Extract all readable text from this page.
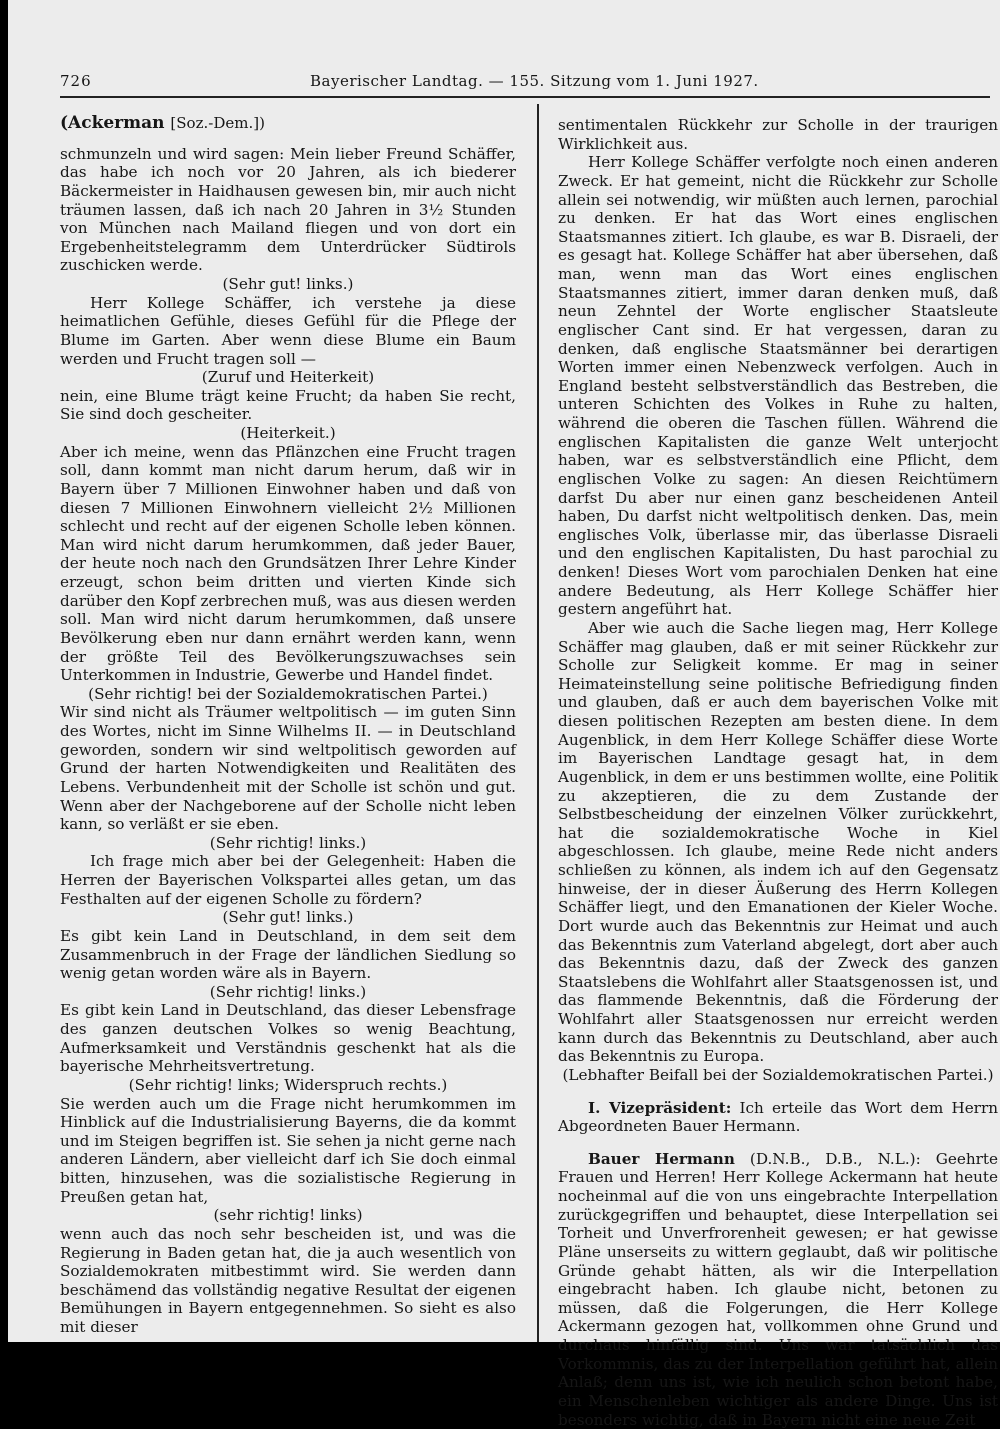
726	Bayerischer Landtag. — 155. Sitzung vom 1. Juni 1927.

(Ackerman [Soz.-Dem.])

schmunzeln und wird sagen: Mein lieber Freund Schäffer, das habe ich noch vor 20 Jahren, als ich biederer Bäckermeister in Haidhausen gewesen bin, mir auch nicht träumen lassen, daß ich nach 20 Jahren in 3½ Stunden von München nach Mailand fliegen und von dort ein Ergebenheitstelegramm dem Unterdrücker Südtirols zuschicken werde.

(Sehr gut! links.)

Herr Kollege Schäffer, ich verstehe ja diese heimatlichen Gefühle, dieses Gefühl für die Pflege der Blume im Garten. Aber wenn diese Blume ein Baum werden und Frucht tragen soll —

(Zuruf und Heiterkeit)

nein, eine Blume trägt keine Frucht; da haben Sie recht, Sie sind doch gescheiter.

(Heiterkeit.)

Aber ich meine, wenn das Pflänzchen eine Frucht tragen soll, dann kommt man nicht darum herum, daß wir in Bayern über 7 Millionen Einwohner haben und daß von diesen 7 Millionen Einwohnern vielleicht 2½ Millionen schlecht und recht auf der eigenen Scholle leben können. Man wird nicht darum herumkommen, daß jeder Bauer, der heute noch nach den Grundsätzen Ihrer Lehre Kinder erzeugt, schon beim dritten und vierten Kinde sich darüber den Kopf zerbrechen muß, was aus diesen werden soll. Man wird nicht darum herumkommen, daß unsere Bevölkerung eben nur dann ernährt werden kann, wenn der größte Teil des Bevölkerungszuwachses sein Unterkommen in Industrie, Gewerbe und Handel findet.

(Sehr richtig! bei der Sozialdemokratischen Partei.)

Wir sind nicht als Träumer weltpolitisch — im guten Sinn des Wortes, nicht im Sinne Wilhelms II. — in Deutschland geworden, sondern wir sind weltpolitisch geworden auf Grund der harten Notwendigkeiten und Realitäten des Lebens. Verbundenheit mit der Scholle ist schön und gut. Wenn aber der Nachgeborene auf der Scholle nicht leben kann, so verläßt er sie eben.

(Sehr richtig! links.)

Ich frage mich aber bei der Gelegenheit: Haben die Herren der Bayerischen Volkspartei alles getan, um das Festhalten auf der eigenen Scholle zu fördern?

(Sehr gut! links.)

Es gibt kein Land in Deutschland, in dem seit dem Zusammenbruch in der Frage der ländlichen Siedlung so wenig getan worden wäre als in Bayern.

(Sehr richtig! links.)

Es gibt kein Land in Deutschland, das dieser Lebensfrage des ganzen deutschen Volkes so wenig Beachtung, Aufmerksamkeit und Verständnis geschenkt hat als die bayerische Mehrheitsvertretung.

(Sehr richtig! links; Widerspruch rechts.)

Sie werden auch um die Frage nicht herumkommen im Hinblick auf die Industrialisierung Bayerns, die da kommt und im Steigen begriffen ist. Sie sehen ja nicht gerne nach anderen Ländern, aber vielleicht darf ich Sie doch einmal bitten, hinzusehen, was die sozialistische Regierung in Preußen getan hat,

(sehr richtig! links)

wenn auch das noch sehr bescheiden ist, und was die Regierung in Baden getan hat, die ja auch wesentlich von Sozialdemokraten mitbestimmt wird. Sie werden dann beschämend das vollständig negative Resultat der eigenen Bemühungen in Bayern entgegennehmen. So sieht es also mit dieser

sentimentalen Rückkehr zur Scholle in der traurigen Wirklichkeit aus.

Herr Kollege Schäffer verfolgte noch einen anderen Zweck. Er hat gemeint, nicht die Rückkehr zur Scholle allein sei notwendig, wir müßten auch lernen, parochial zu denken. Er hat das Wort eines englischen Staatsmannes zitiert. Ich glaube, es war B. Disraeli, der es gesagt hat. Kollege Schäffer hat aber übersehen, daß man, wenn man das Wort eines englischen Staatsmannes zitiert, immer daran denken muß, daß neun Zehntel der Worte englischer Staatsleute englischer Cant sind. Er hat vergessen, daran zu denken, daß englische Staatsmänner bei derartigen Worten immer einen Nebenzweck verfolgen. Auch in England besteht selbstverständlich das Bestreben, die unteren Schichten des Volkes in Ruhe zu halten, während die oberen die Taschen füllen. Während die englischen Kapitalisten die ganze Welt unterjocht haben, war es selbstverständlich eine Pflicht, dem englischen Volke zu sagen: An diesen Reichtümern darfst Du aber nur einen ganz bescheidenen Anteil haben, Du darfst nicht weltpolitisch denken. Das, mein englisches Volk, überlasse mir, das überlasse Disraeli und den englischen Kapitalisten, Du hast parochial zu denken! Dieses Wort vom parochialen Denken hat eine andere Bedeutung, als Herr Kollege Schäffer hier gestern angeführt hat.

Aber wie auch die Sache liegen mag, Herr Kollege Schäffer mag glauben, daß er mit seiner Rückkehr zur Scholle zur Seligkeit komme. Er mag in seiner Heimateinstellung seine politische Befriedigung finden und glauben, daß er auch dem bayerischen Volke mit diesen politischen Rezepten am besten diene. In dem Augenblick, in dem Herr Kollege Schäffer diese Worte im Bayerischen Landtage gesagt hat, in dem Augenblick, in dem er uns bestimmen wollte, eine Politik zu akzeptieren, die zu dem Zustande der Selbstbescheidung der einzelnen Völker zurückkehrt, hat die sozialdemokratische Woche in Kiel abgeschlossen. Ich glaube, meine Rede nicht anders schließen zu können, als indem ich auf den Gegensatz hinweise, der in dieser Äußerung des Herrn Kollegen Schäffer liegt, und den Emanationen der Kieler Woche. Dort wurde auch das Bekenntnis zur Heimat und auch das Bekenntnis zum Vaterland abgelegt, dort aber auch das Bekenntnis dazu, daß der Zweck des ganzen Staatslebens die Wohlfahrt aller Staatsgenossen ist, und das flammende Bekenntnis, daß die Förderung der Wohlfahrt aller Staatsgenossen nur erreicht werden kann durch das Bekenntnis zu Deutschland, aber auch das Bekenntnis zu Europa.

(Lebhafter Beifall bei der Sozialdemokratischen Partei.)

I. Vizepräsident: Ich erteile das Wort dem Herrn Abgeordneten Bauer Hermann.

Bauer Hermann (D.N.B., D.B., N.L.): Geehrte Frauen und Herren! Herr Kollege Ackermann hat heute nocheinmal auf die von uns eingebrachte Interpellation zurückgegriffen und behauptet, diese Interpellation sei Torheit und Unverfrorenheit gewesen; er hat gewisse Pläne unserseits zu wittern geglaubt, daß wir politische Gründe gehabt hätten, als wir die Interpellation eingebracht haben. Ich glaube nicht, betonen zu müssen, daß die Folgerungen, die Herr Kollege Ackermann gezogen hat, vollkommen ohne Grund und durchaus hinfällig sind. Uns war tatsächlich das Vorkommnis, das zu der Interpellation geführt hat, allein Anlaß; denn uns ist, wie ich neulich schon betont habe, ein Menschenleben wichtiger als andere Dinge. Uns ist besonders wichtig, daß in Bayern nicht eine neue Zeit
